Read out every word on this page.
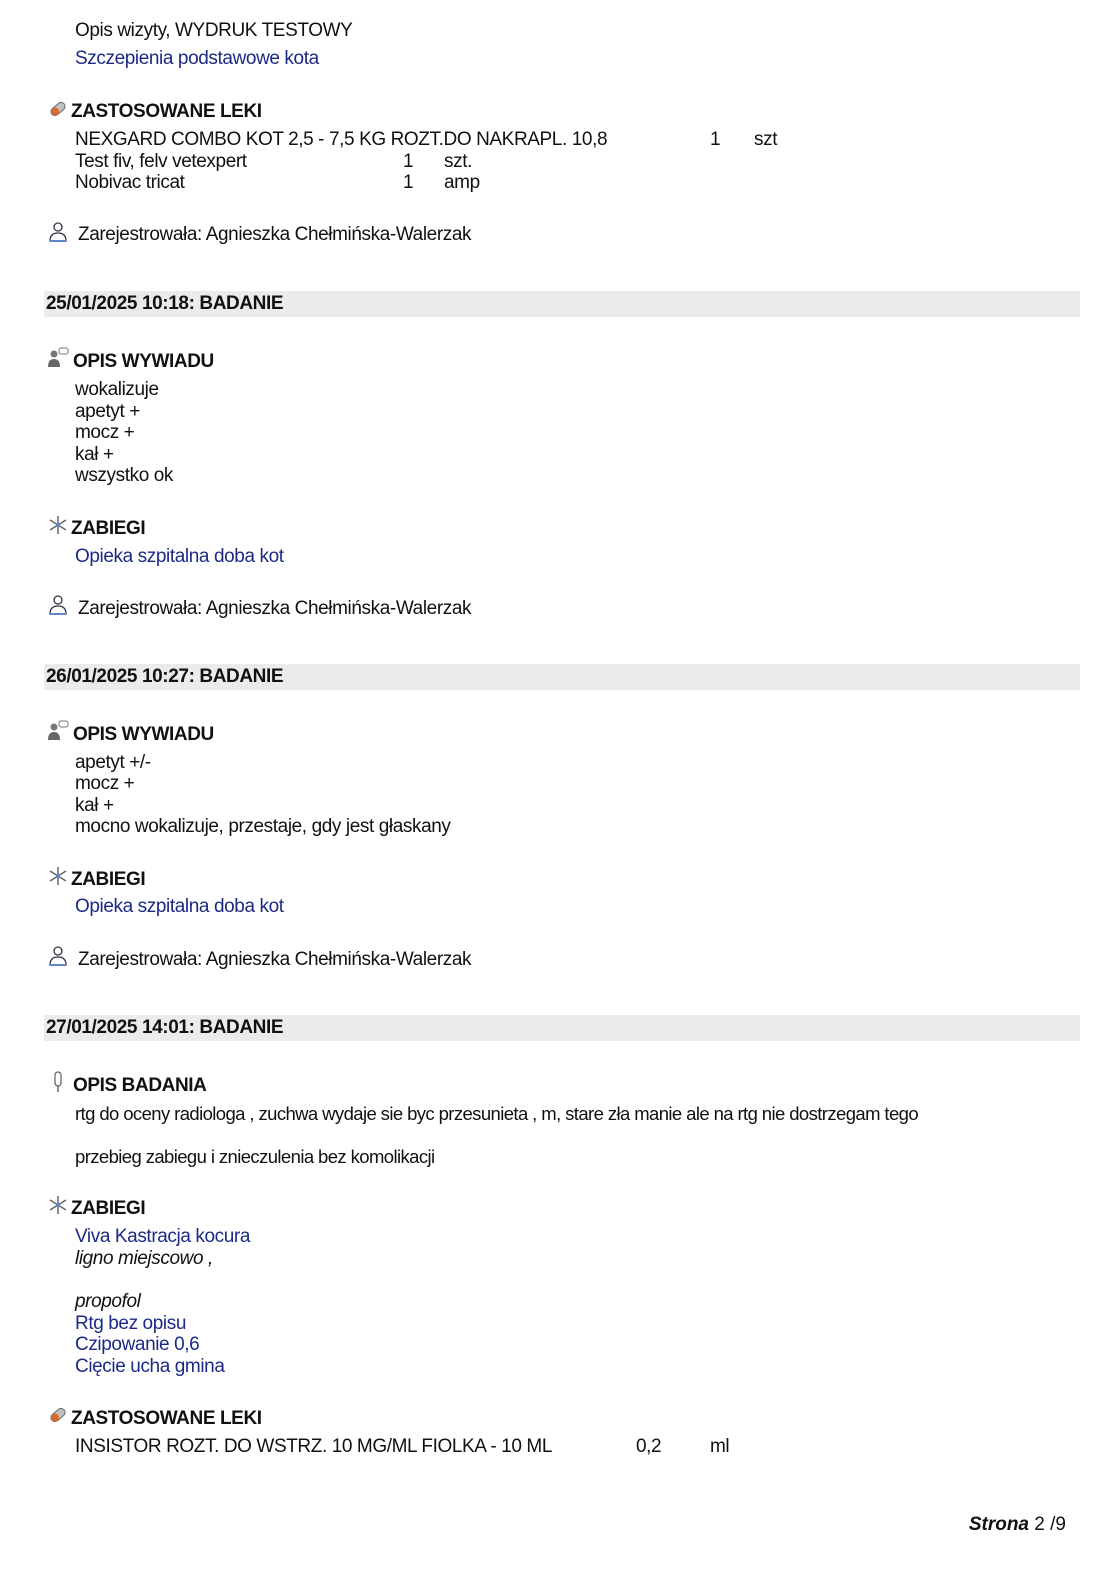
Opis wizyty, WYDRUK TESTOWY
Szczepienia podstawowe kota
ZASTOSOWANE LEKI
NEXGARD COMBO KOT 2,5 - 7,5 KG ROZT.DO NAKRAPL. 10,8	1 szt
Test fiv, felv vetexpert	1 szt.
Nobivac tricat	1 amp
Zarejestrowała: Agnieszka Chełmińska-Walerzak
25/01/2025 10:18: BADANIE
OPIS WYWIADU
wokalizuje
apetyt +
mocz +
kał +
wszystko ok
ZABIEGI
Opieka szpitalna doba kot
Zarejestrowała: Agnieszka Chełmińska-Walerzak
26/01/2025 10:27: BADANIE
OPIS WYWIADU
apetyt +/-
mocz +
kał +
mocno wokalizuje, przestaje, gdy jest głaskany
ZABIEGI
Opieka szpitalna doba kot
Zarejestrowała: Agnieszka Chełmińska-Walerzak
27/01/2025 14:01: BADANIE
OPIS BADANIA
rtg do oceny radiologa , zuchwa wydaje sie byc przesunieta , m, stare zła manie ale na rtg nie dostrzegam tego
przebieg zabiegu i znieczulenia bez komolikacji
ZABIEGI
Viva Kastracja kocura
ligno miejscowo ,
propofol
Rtg bez opisu
Czipowanie 0,6
Cięcie ucha gmina
ZASTOSOWANE LEKI
INSISTOR ROZT. DO WSTRZ. 10 MG/ML FIOLKA - 10 ML	0,2	ml
Strona 2 /9
